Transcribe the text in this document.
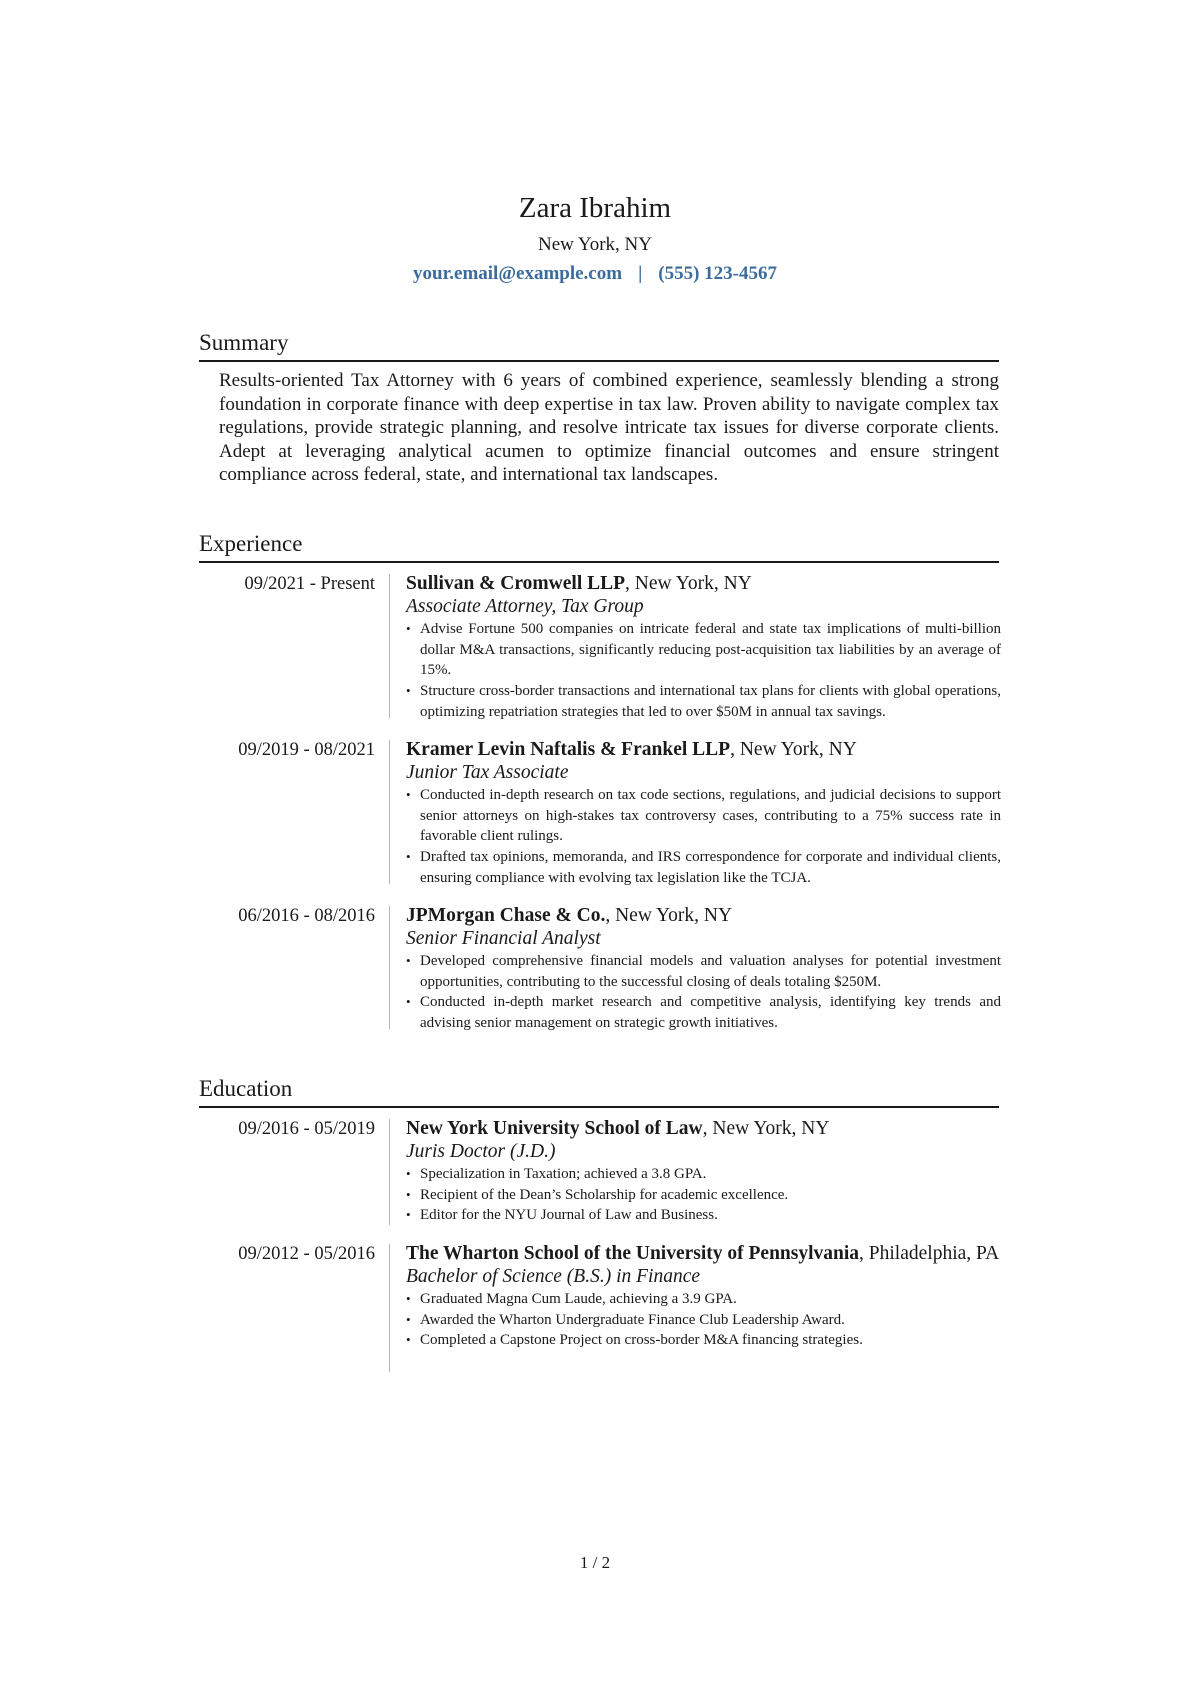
Zara Ibrahim
New York, NY
your.email@example.com | (555) 123-4567
Summary

Results-oriented Tax Attorney with 6 years of combined experience, seamlessly blending a strong foundation in corporate finance with deep expertise in tax law. Proven ability to navigate complex tax regulations, provide strategic planning, and resolve intricate tax issues for diverse corporate clients. Adept at leveraging analytical acumen to optimize financial outcomes and ensure stringent compliance across federal, state, and international tax landscapes.

Experience
09/2021 - Present Sullivan & Cromwell LLP, New York, NY
Associate Attorney, Tax Group
• Advise Fortune 500 companies on intricate federal and state tax implications of multi-billion dollar M&A transactions, significantly reducing post-acquisition tax liabilities by an average of 15%.
• Structure cross-border transactions and international tax plans for clients with global operations, optimizing repatriation strategies that led to over $50M in annual tax savings.
09/2019 - 08/2021 Kramer Levin Naftalis & Frankel LLP, New York, NY
Junior Tax Associate
• Conducted in-depth research on tax code sections, regulations, and judicial decisions to support senior attorneys on high-stakes tax controversy cases, contributing to a 75% success rate in favorable client rulings.
• Drafted tax opinions, memoranda, and IRS correspondence for corporate and individual clients, ensuring compliance with evolving tax legislation like the TCJA.
06/2016 - 08/2016 JPMorgan Chase & Co., New York, NY
Senior Financial Analyst
• Developed comprehensive financial models and valuation analyses for potential investment opportunities, contributing to the successful closing of deals totaling $250M.
• Conducted in-depth market research and competitive analysis, identifying key trends and advising senior management on strategic growth initiatives.
Education
09/2016 - 05/2019 New York University School of Law, New York, NY
Juris Doctor (J.D.)
• Specialization in Taxation; achieved a 3.8 GPA.
• Recipient of the Dean’s Scholarship for academic excellence.
• Editor for the NYU Journal of Law and Business.
09/2012 - 05/2016 The Wharton School of the University of Pennsylvania, Philadelphia, PA
Bachelor of Science (B.S.) in Finance
• Graduated Magna Cum Laude, achieving a 3.9 GPA.
• Awarded the Wharton Undergraduate Finance Club Leadership Award.
• Completed a Capstone Project on cross-border M&A financing strategies.
1 / 2
